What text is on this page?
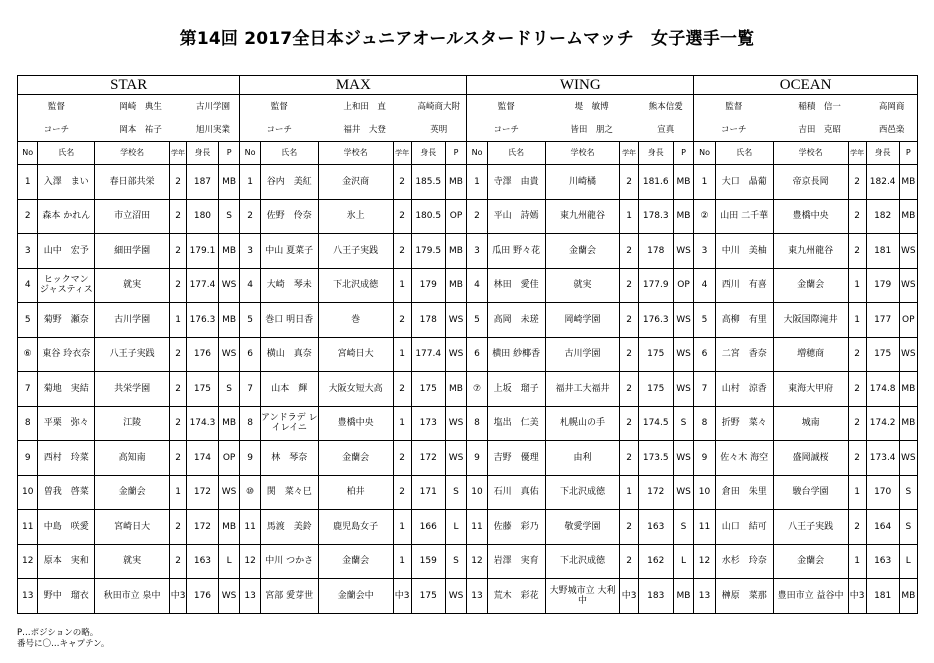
第14回 2017全日本ジュニアオールスタードリームマッチ　女子選手一覧
STAR						MAX						WING						OCEAN					
監督		岡崎　典生		古川学園		監督		上和田　直		高崎商大附		監督		堤　敏博		熊本信愛		監督		稲積　信一		高岡商	
コーチ		岡本　祐子		旭川実業		コーチ		福井　大登		英明		コーチ		皆田　朋之		宣真		コーチ		吉田　克昭		西邑楽	
No	氏名	学校名	学年	身長	P	No	氏名	学校名	学年	身長	P	No	氏名	学校名	学年	身長	P	No	氏名	学校名	学年	身長	P
1	入澤　まい	春日部共栄	2	187	MB	1	谷内　美紅	金沢商	2	185.5	MB	1	寺澤　由貴	川崎橘	2	181.6	MB	1	大口　晶葡	帝京長岡	2	182.4	MB
2	森本 かれん	市立沼田	2	180	S	2	佐野　伶奈	氷上	2	180.5	OP	2	平山　詩嫣	東九州龍谷	1	178.3	MB	②	山田 二千華	豊橋中央	2	182	MB
3	山中　宏予	細田学園	2	179.1	MB	3	中山 夏菜子	八王子実践	2	179.5	MB	3	瓜田 野々花	金蘭会	2	178	WS	3	中川　美柚	東九州龍谷	2	181	WS
4	ヒックマン ジャスティス	就実	2	177.4	WS	4	大崎　琴未	下北沢成徳	1	179	MB	4	林田　愛佳	就実	2	177.9	OP	4	西川　有喜	金蘭会	1	179	WS
5	菊野　瀬奈	古川学園	1	176.3	MB	5	巻口 明日香	巻	2	178	WS	5	高岡　未瑳	岡崎学園	2	176.3	WS	5	高柳　有里	大阪国際滝井	1	177	OP
⑥	東谷 玲衣奈	八王子実践	2	176	WS	6	横山　真奈	宮崎日大	1	177.4	WS	6	横田 紗椰香	古川学園	2	175	WS	6	二宮　香奈	増穂商	2	175	WS
7	菊地　実結	共栄学園	2	175	S	7	山本　輝	大阪女短大高	2	175	MB	⑦	上坂　瑠子	福井工大福井	2	175	WS	7	山村　涼香	東海大甲府	2	174.8	MB
8	平栗　弥々	江陵	2	174.3	MB	8	アンドラデ レイレイニ	豊橋中央	1	173	WS	8	塩出　仁美	札幌山の手	2	174.5	S	8	折野　菜々	城南	2	174.2	MB
9	西村　玲菜	高知南	2	174	OP	9	林　琴奈	金蘭会	2	172	WS	9	吉野　優理	由利	2	173.5	WS	9	佐々木 海空	盛岡誠桜	2	173.4	WS
10	曽我　啓菜	金蘭会	1	172	WS	⑩	関　菜々巳	柏井	2	171	S	10	石川　真佑	下北沢成徳	1	172	WS	10	倉田　朱里	駿台学園	1	170	S
11	中島　咲愛	宮崎日大	2	172	MB	11	馬渡　美鈴	鹿児島女子	1	166	L	11	佐藤　彩乃	敬愛学園	2	163	S	11	山口　結可	八王子実践	2	164	S
12	原本　実和	就実	2	163	L	12	中川 つかさ	金蘭会	1	159	S	12	岩澤　実育	下北沢成徳	2	162	L	12	水杉　玲奈	金蘭会	1	163	L
13	野中　瑠衣	秋田市立 泉中	中3	176	WS	13	宮部 愛芽世	金蘭会中	中3	175	WS	13	荒木　彩花	大野城市立 大利中	中3	183	MB	13	榊原　菜那	豊田市立 益谷中	中3	181	MB
P…ポジションの略。
番号に〇…キャプテン。
